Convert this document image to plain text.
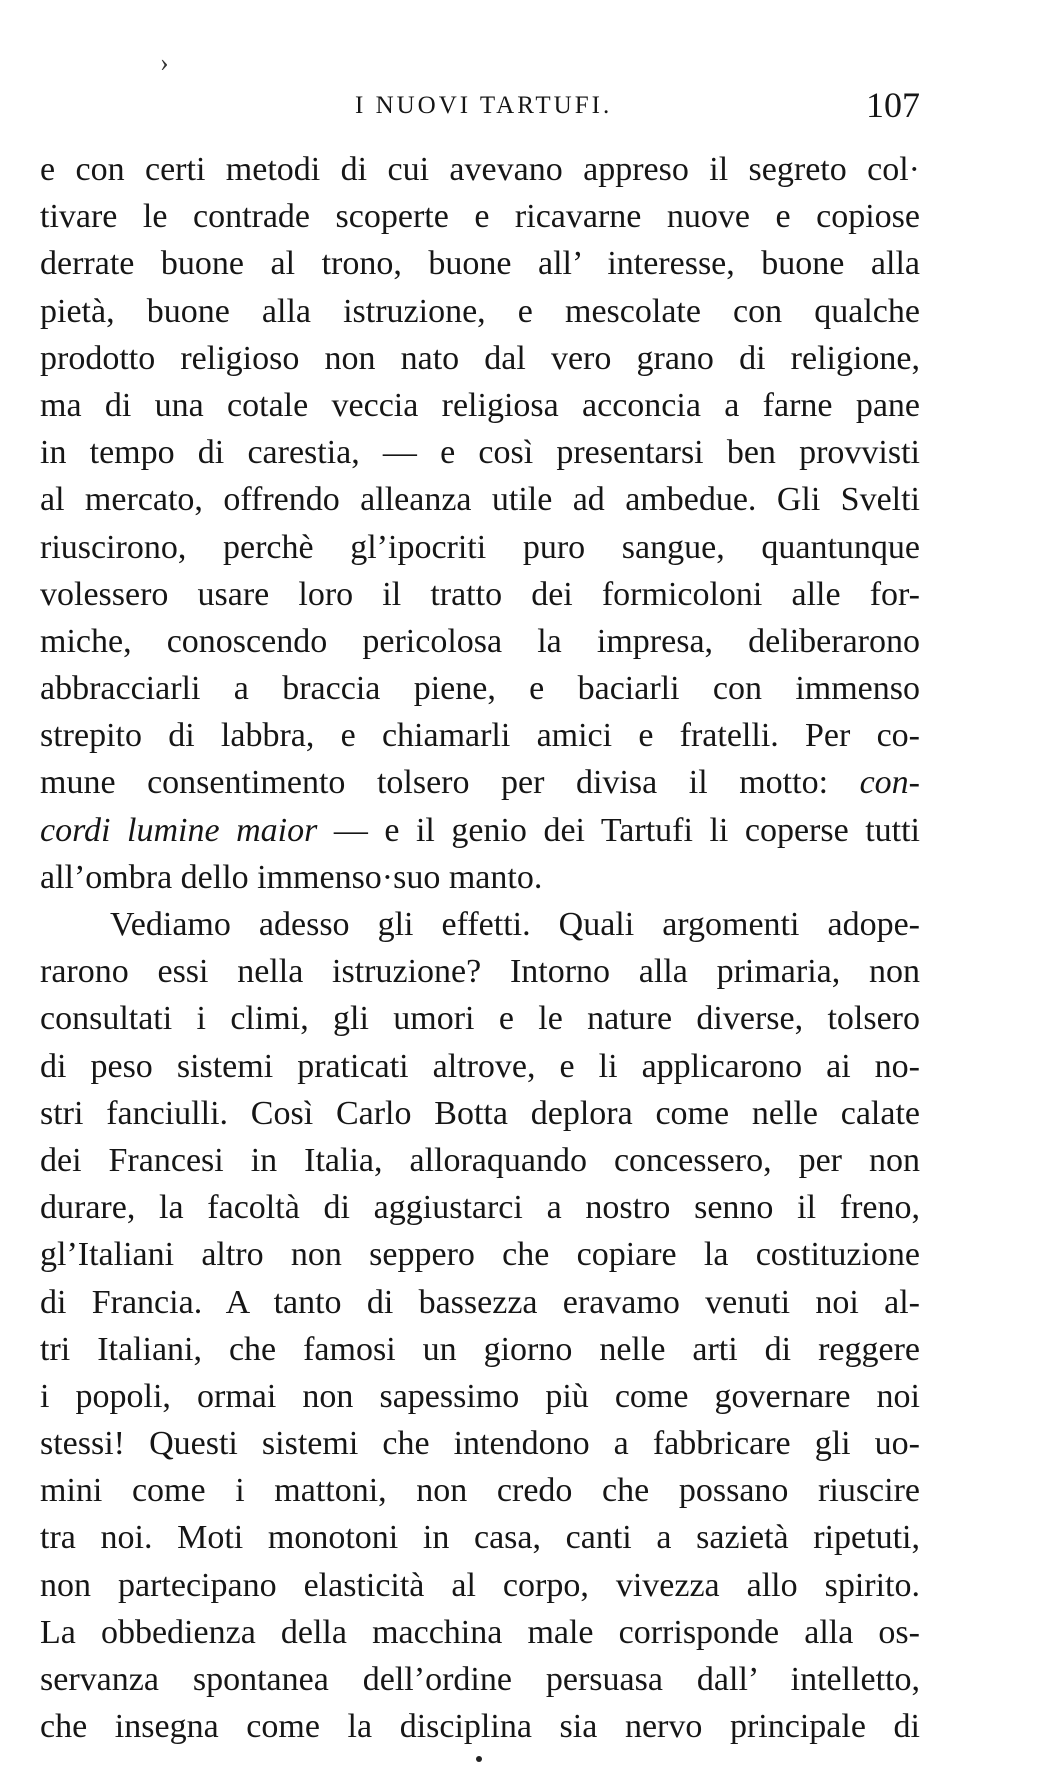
›
I NUOVI TARTUFI.	107
e con certi metodi di cui avevano appreso il segreto col·
tivare le contrade scoperte e ricavarne nuove e copiose
derrate buone al trono, buone all’ interesse, buone alla
pietà, buone alla istruzione, e mescolate con qualche
prodotto religioso non nato dal vero grano di religione,
ma di una cotale veccia religiosa acconcia a farne pane
in tempo di carestia, — e così presentarsi ben provvisti
al mercato, offrendo alleanza utile ad ambedue. Gli Svelti
riuscirono, perchè gl’ipocriti puro sangue, quantunque
volessero usare loro il tratto dei formicoloni alle for-
miche, conoscendo pericolosa la impresa, deliberarono
abbracciarli a braccia piene, e baciarli con immenso
strepito di labbra, e chiamarli amici e fratelli. Per co-
mune consentimento tolsero per divisa il motto: con-
cordi lumine maior — e il genio dei Tartufi li coperse tutti
all’ombra dello immenso·suo manto.
Vediamo adesso gli effetti. Quali argomenti adope-
rarono essi nella istruzione? Intorno alla primaria, non
consultati i climi, gli umori e le nature diverse, tolsero
di peso sistemi praticati altrove, e li applicarono ai no-
stri fanciulli. Così Carlo Botta deplora come nelle calate
dei Francesi in Italia, alloraquando concessero, per non
durare, la facoltà di aggiustarci a nostro senno il freno,
gl’Italiani altro non seppero che copiare la costituzione
di Francia. A tanto di bassezza eravamo venuti noi al-
tri Italiani, che famosi un giorno nelle arti di reggere
i popoli, ormai non sapessimo più come governare noi
stessi! Questi sistemi che intendono a fabbricare gli uo-
mini come i mattoni, non credo che possano riuscire
tra noi. Moti monotoni in casa, canti a sazietà ripetuti,
non partecipano elasticità al corpo, vivezza allo spirito.
La obbedienza della macchina male corrisponde alla os-
servanza spontanea dell’ordine persuasa dall’ intelletto,
che insegna come la disciplina sia nervo principale di
